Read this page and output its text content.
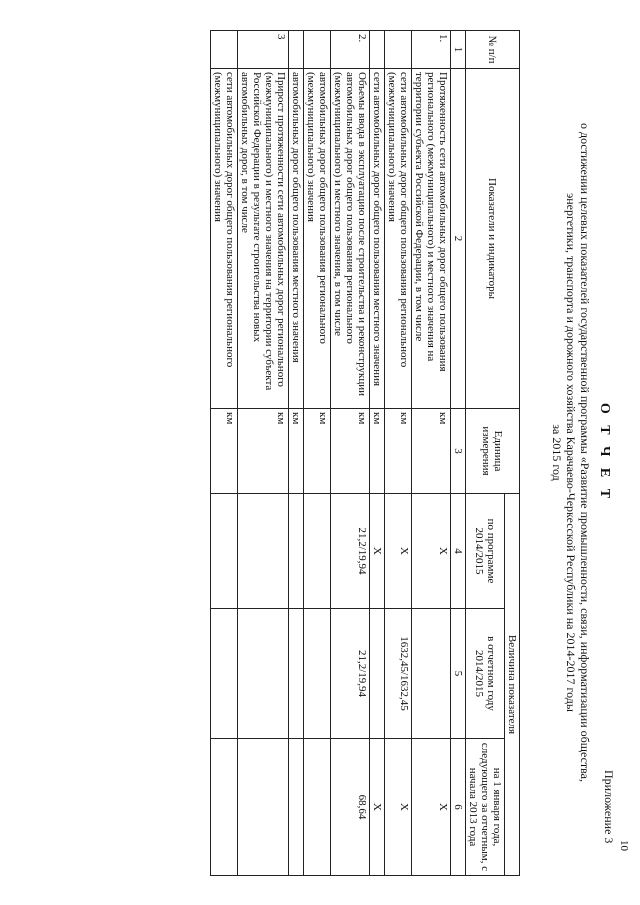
10
Приложение 3
О Т Ч Е Т
о достижении целевых показателей государственной программы «Развитие промышленности, связи, информатизации общества,
энергетики, транспорта и дорожного хозяйства Карачаево-Черкесской Республики на 2014-2017 годы
за 2015 год
№ п/п	Показатели и индикаторы	Единица измерения	Величина показателя		
			по программе 2014/2015	в отчетном году 2014/2015	на 1 января года, следующего за отчетным, с начала 2013 года
1	2	3	4	5	6
1.	Протяженность сети автомобильных дорог общего пользования регионального (межмуниципального) и местного значения на территории субъекта Российской Федерации, в том числе	км	Х		Х
	сети автомобильных дорог общего пользования регионального (межмуниципального) значения	км	Х	1632,45/1632,45	Х
	сети автомобильных дорог общего пользования местного значения	км	Х		Х
2.	Объемы ввода в эксплуатацию после строительства и реконструкции автомобильных дорог общего пользования регионального (межмуниципального) и местного значения, в том числе	км	21,2/19,94	21,2/19,94	68,64
	автомобильных дорог общего пользования регионального (межмуниципального) значения	км			
	автомобильных дорог общего пользования местного значения	км			
3	Прирост протяженности сети автомобильных дорог регионального (межмуниципального) и местного значения на территории субъекта Российской Федерации в результате строительства новых автомобильных дорог, в том числе	км			
	сети автомобильных дорог общего пользования регионального (межмуниципального) значения	км			
